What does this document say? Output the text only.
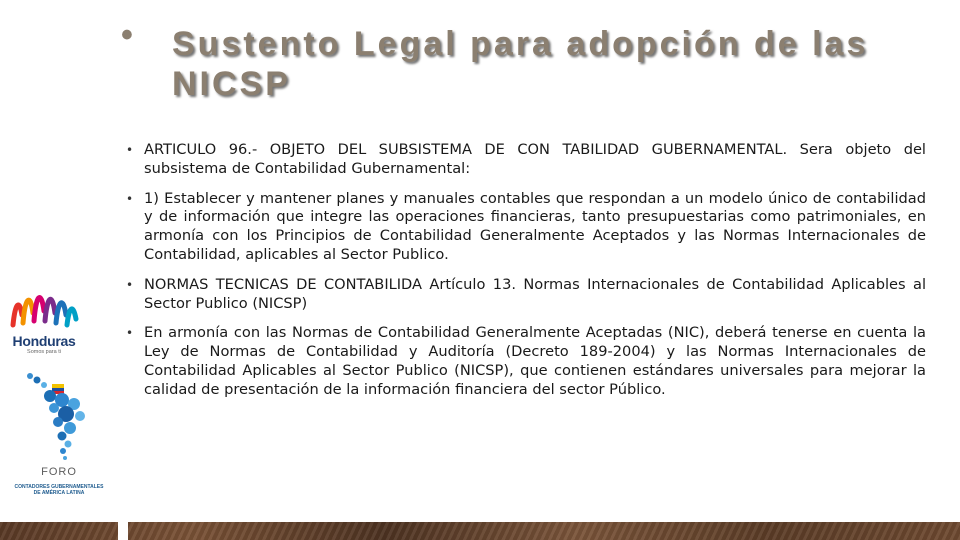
• Sustento Legal para adopción de las NICSP
• ARTICULO 96.- OBJETO DEL SUBSISTEMA DE CON TABILIDAD GUBERNAMENTAL. Sera objeto del subsistema de Contabilidad Gubernamental:
• 1) Establecer y mantener planes y manuales contables que respondan a un modelo único de contabilidad y de información que integre las operaciones financieras, tanto presupuestarias como patrimoniales, en armonía con los Principios de Contabilidad Generalmente Aceptados y las Normas Internacionales de Contabilidad, aplicables al Sector Publico.
• NORMAS TECNICAS DE CONTABILIDA Artículo 13. Normas Internacionales de Contabilidad Aplicables al Sector Publico (NICSP)
• En armonía con las Normas de Contabilidad Generalmente Aceptadas (NIC), deberá tenerse en cuenta la Ley de Normas de Contabilidad y Auditoría (Decreto 189-2004) y las Normas Internacionales de Contabilidad Aplicables al Sector Publico (NICSP), que contienen estándares universales para mejorar la calidad de presentación de la información financiera del sector Público.
Honduras
Somos para ti
FORO
CONTADORES GUBERNAMENTALES
DE AMÉRICA LATINA
